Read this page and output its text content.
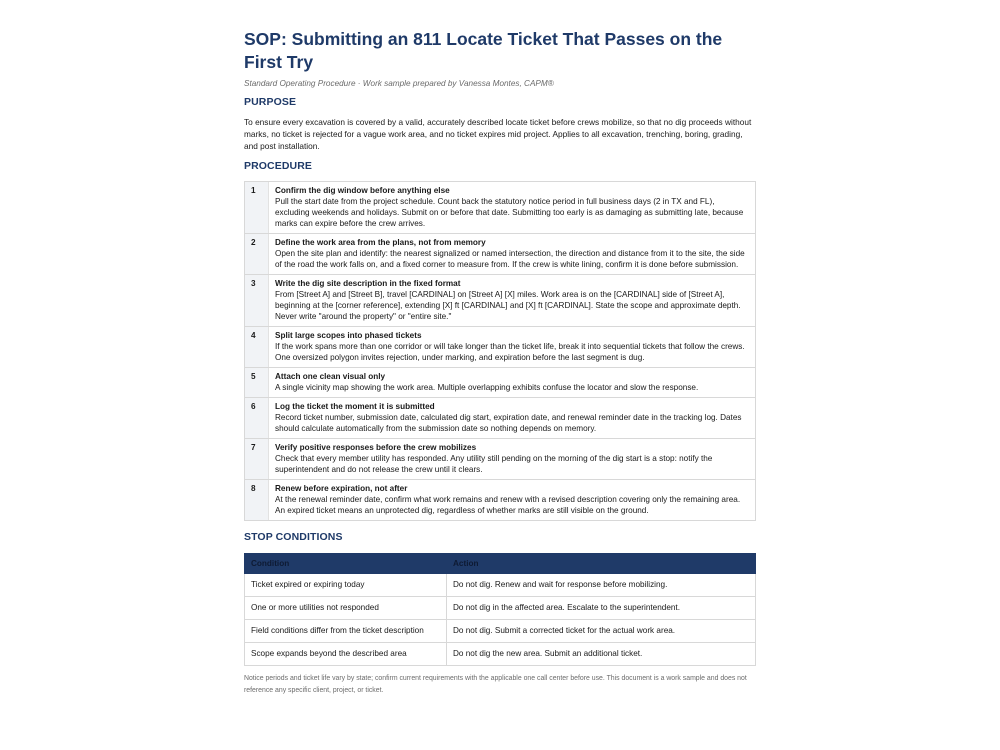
SOP: Submitting an 811 Locate Ticket That Passes on the First Try
Standard Operating Procedure · Work sample prepared by Vanessa Montes, CAPM®
PURPOSE
To ensure every excavation is covered by a valid, accurately described locate ticket before crews mobilize, so that no dig proceeds without marks, no ticket is rejected for a vague work area, and no ticket expires mid project. Applies to all excavation, trenching, boring, grading, and post installation.
PROCEDURE
1	Confirm the dig window before anything else
Pull the start date from the project schedule. Count back the statutory notice period in full business days (2 in TX and FL), excluding weekends and holidays. Submit on or before that date. Submitting too early is as damaging as submitting late, because marks can expire before the crew arrives.
2	Define the work area from the plans, not from memory
Open the site plan and identify: the nearest signalized or named intersection, the direction and distance from it to the site, the side of the road the work falls on, and a fixed corner to measure from. If the crew is white lining, confirm it is done before submission.
3	Write the dig site description in the fixed format
From [Street A] and [Street B], travel [CARDINAL] on [Street A] [X] miles. Work area is on the [CARDINAL] side of [Street A], beginning at the [corner reference], extending [X] ft [CARDINAL] and [X] ft [CARDINAL]. State the scope and approximate depth. Never write "around the property" or "entire site."
4	Split large scopes into phased tickets
If the work spans more than one corridor or will take longer than the ticket life, break it into sequential tickets that follow the crews. One oversized polygon invites rejection, under marking, and expiration before the last segment is dug.
5	Attach one clean visual only
A single vicinity map showing the work area. Multiple overlapping exhibits confuse the locator and slow the response.
6	Log the ticket the moment it is submitted
Record ticket number, submission date, calculated dig start, expiration date, and renewal reminder date in the tracking log. Dates should calculate automatically from the submission date so nothing depends on memory.
7	Verify positive responses before the crew mobilizes
Check that every member utility has responded. Any utility still pending on the morning of the dig start is a stop: notify the superintendent and do not release the crew until it clears.
8	Renew before expiration, not after
At the renewal reminder date, confirm what work remains and renew with a revised description covering only the remaining area. An expired ticket means an unprotected dig, regardless of whether marks are still visible on the ground.
STOP CONDITIONS
Condition	Action
Ticket expired or expiring today	Do not dig. Renew and wait for response before mobilizing.
One or more utilities not responded	Do not dig in the affected area. Escalate to the superintendent.
Field conditions differ from the ticket description	Do not dig. Submit a corrected ticket for the actual work area.
Scope expands beyond the described area	Do not dig the new area. Submit an additional ticket.
Notice periods and ticket life vary by state; confirm current requirements with the applicable one call center before use. This document is a work sample and does not reference any specific client, project, or ticket.
